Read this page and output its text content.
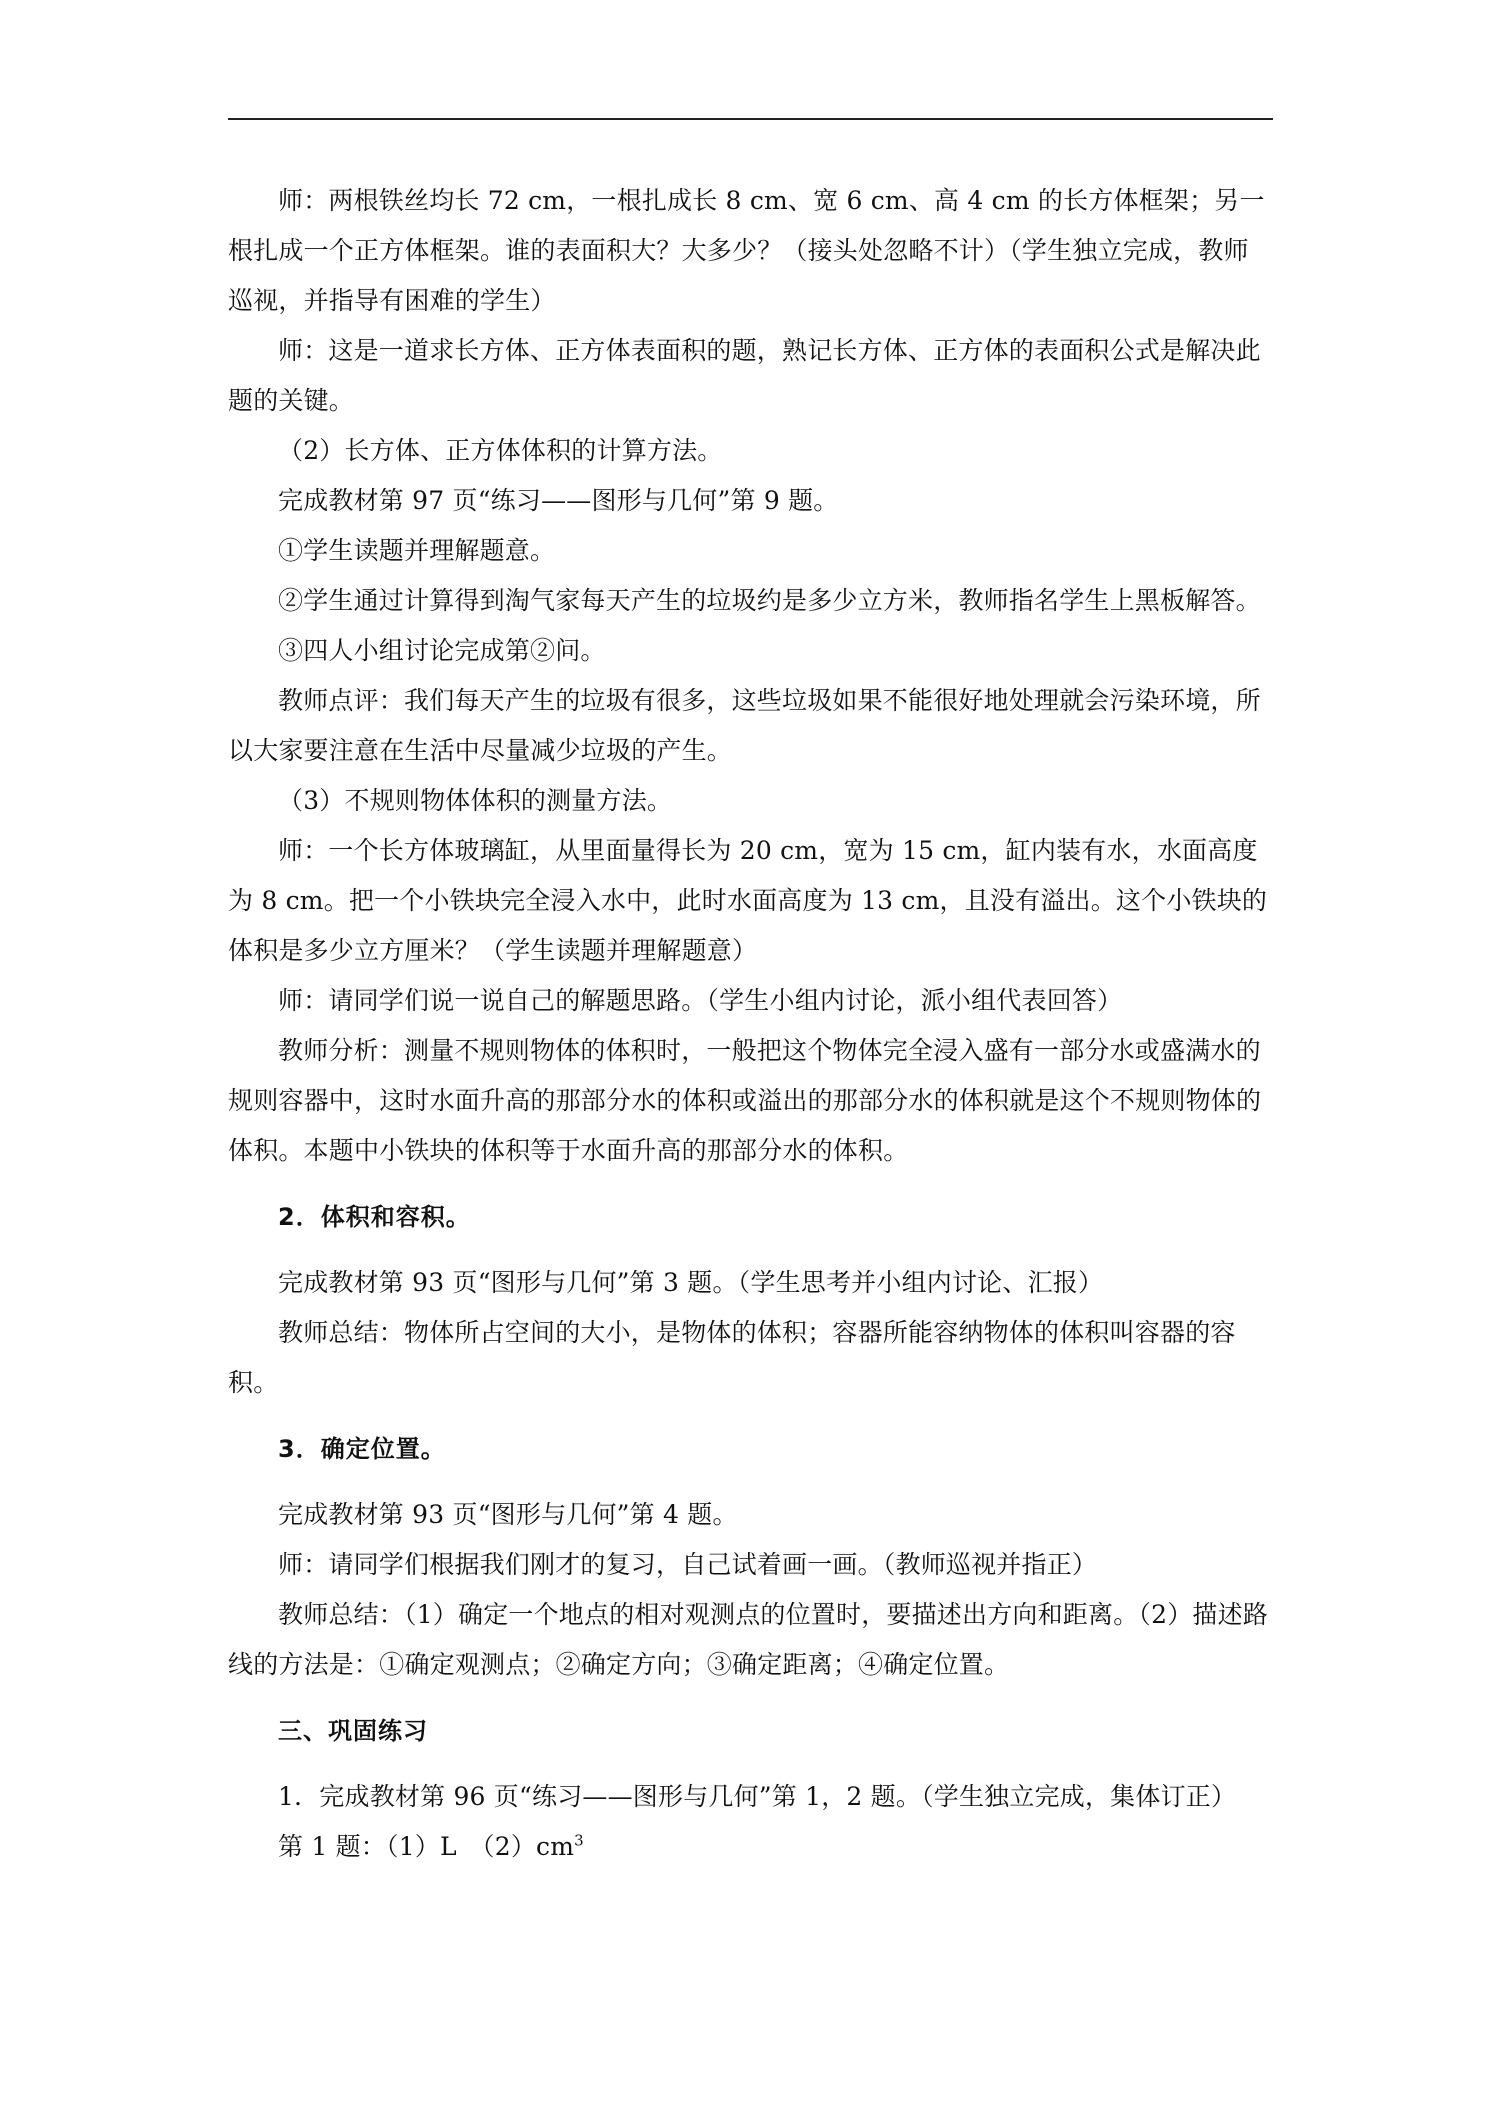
师：两根铁丝均长 72 cm，一根扎成长 8 cm、宽 6 cm、高 4 cm 的长方体框架；另一根扎成一个正方体框架。谁的表面积大？大多少？（接头处忽略不计）（学生独立完成，教师巡视，并指导有困难的学生）

师：这是一道求长方体、正方体表面积的题，熟记长方体、正方体的表面积公式是解决此题的关键。

（2）长方体、正方体体积的计算方法。

完成教材第 97 页“练习——图形与几何”第 9 题。

①学生读题并理解题意。

②学生通过计算得到淘气家每天产生的垃圾约是多少立方米，教师指名学生上黑板解答。

③四人小组讨论完成第②问。

教师点评：我们每天产生的垃圾有很多，这些垃圾如果不能很好地处理就会污染环境，所以大家要注意在生活中尽量减少垃圾的产生。

（3）不规则物体体积的测量方法。

师：一个长方体玻璃缸，从里面量得长为 20 cm，宽为 15 cm，缸内装有水，水面高度为 8 cm。把一个小铁块完全浸入水中，此时水面高度为 13 cm，且没有溢出。这个小铁块的体积是多少立方厘米？（学生读题并理解题意）

师：请同学们说一说自己的解题思路。（学生小组内讨论，派小组代表回答）

教师分析：测量不规则物体的体积时，一般把这个物体完全浸入盛有一部分水或盛满水的规则容器中，这时水面升高的那部分水的体积或溢出的那部分水的体积就是这个不规则物体的体积。本题中小铁块的体积等于水面升高的那部分水的体积。

2．体积和容积。

完成教材第 93 页“图形与几何”第 3 题。（学生思考并小组内讨论、汇报）

教师总结：物体所占空间的大小，是物体的体积；容器所能容纳物体的体积叫容器的容积。

3．确定位置。

完成教材第 93 页“图形与几何”第 4 题。

师：请同学们根据我们刚才的复习，自己试着画一画。（教师巡视并指正）

教师总结：（1）确定一个地点的相对观测点的位置时，要描述出方向和距离。（2）描述路线的方法是：①确定观测点；②确定方向；③确定距离；④确定位置。

三、巩固练习

1．完成教材第 96 页“练习——图形与几何”第 1，2 题。（学生独立完成，集体订正）

第 1 题：（1）L　$(2)cm^3$
